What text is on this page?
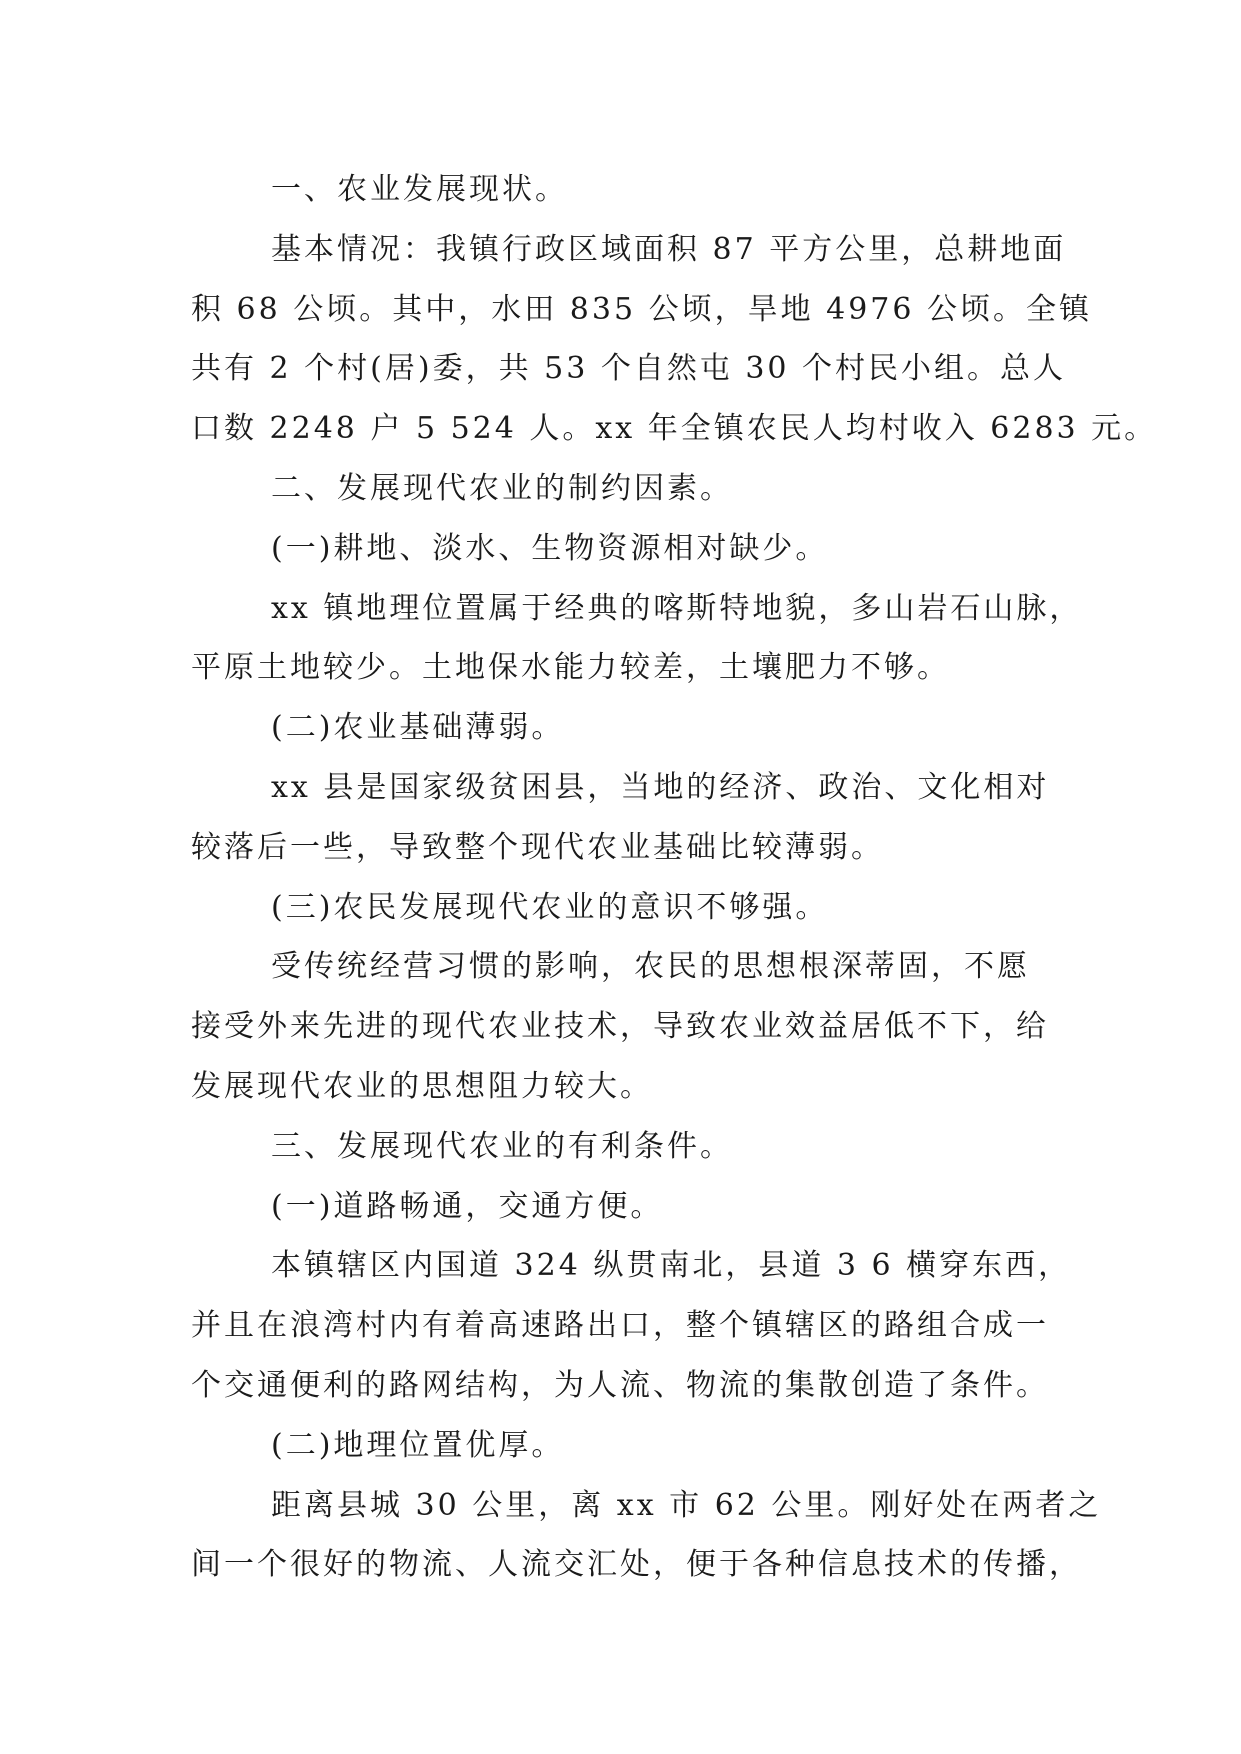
一、农业发展现状。
基本情况：我镇行政区域面积 87 平方公里，总耕地面
积 68 公顷。其中，水田 835 公顷，旱地 4976 公顷。全镇
共有 2 个村(居)委，共 53 个自然屯 30 个村民小组。总人
口数 2248 户 5 524 人。xx 年全镇农民人均村收入 6283 元。
二、发展现代农业的制约因素。
(一)耕地、淡水、生物资源相对缺少。
xx 镇地理位置属于经典的喀斯特地貌，多山岩石山脉，
平原土地较少。土地保水能力较差，土壤肥力不够。
(二)农业基础薄弱。
xx 县是国家级贫困县，当地的经济、政治、文化相对
较落后一些，导致整个现代农业基础比较薄弱。
(三)农民发展现代农业的意识不够强。
受传统经营习惯的影响，农民的思想根深蒂固，不愿
接受外来先进的现代农业技术，导致农业效益居低不下，给
发展现代农业的思想阻力较大。
三、发展现代农业的有利条件。
(一)道路畅通，交通方便。
本镇辖区内国道 324 纵贯南北，县道 3 6 横穿东西，
并且在浪湾村内有着高速路出口，整个镇辖区的路组合成一
个交通便利的路网结构，为人流、物流的集散创造了条件。
(二)地理位置优厚。
距离县城 30 公里，离 xx 市 62 公里。刚好处在两者之
间一个很好的物流、人流交汇处，便于各种信息技术的传播，
